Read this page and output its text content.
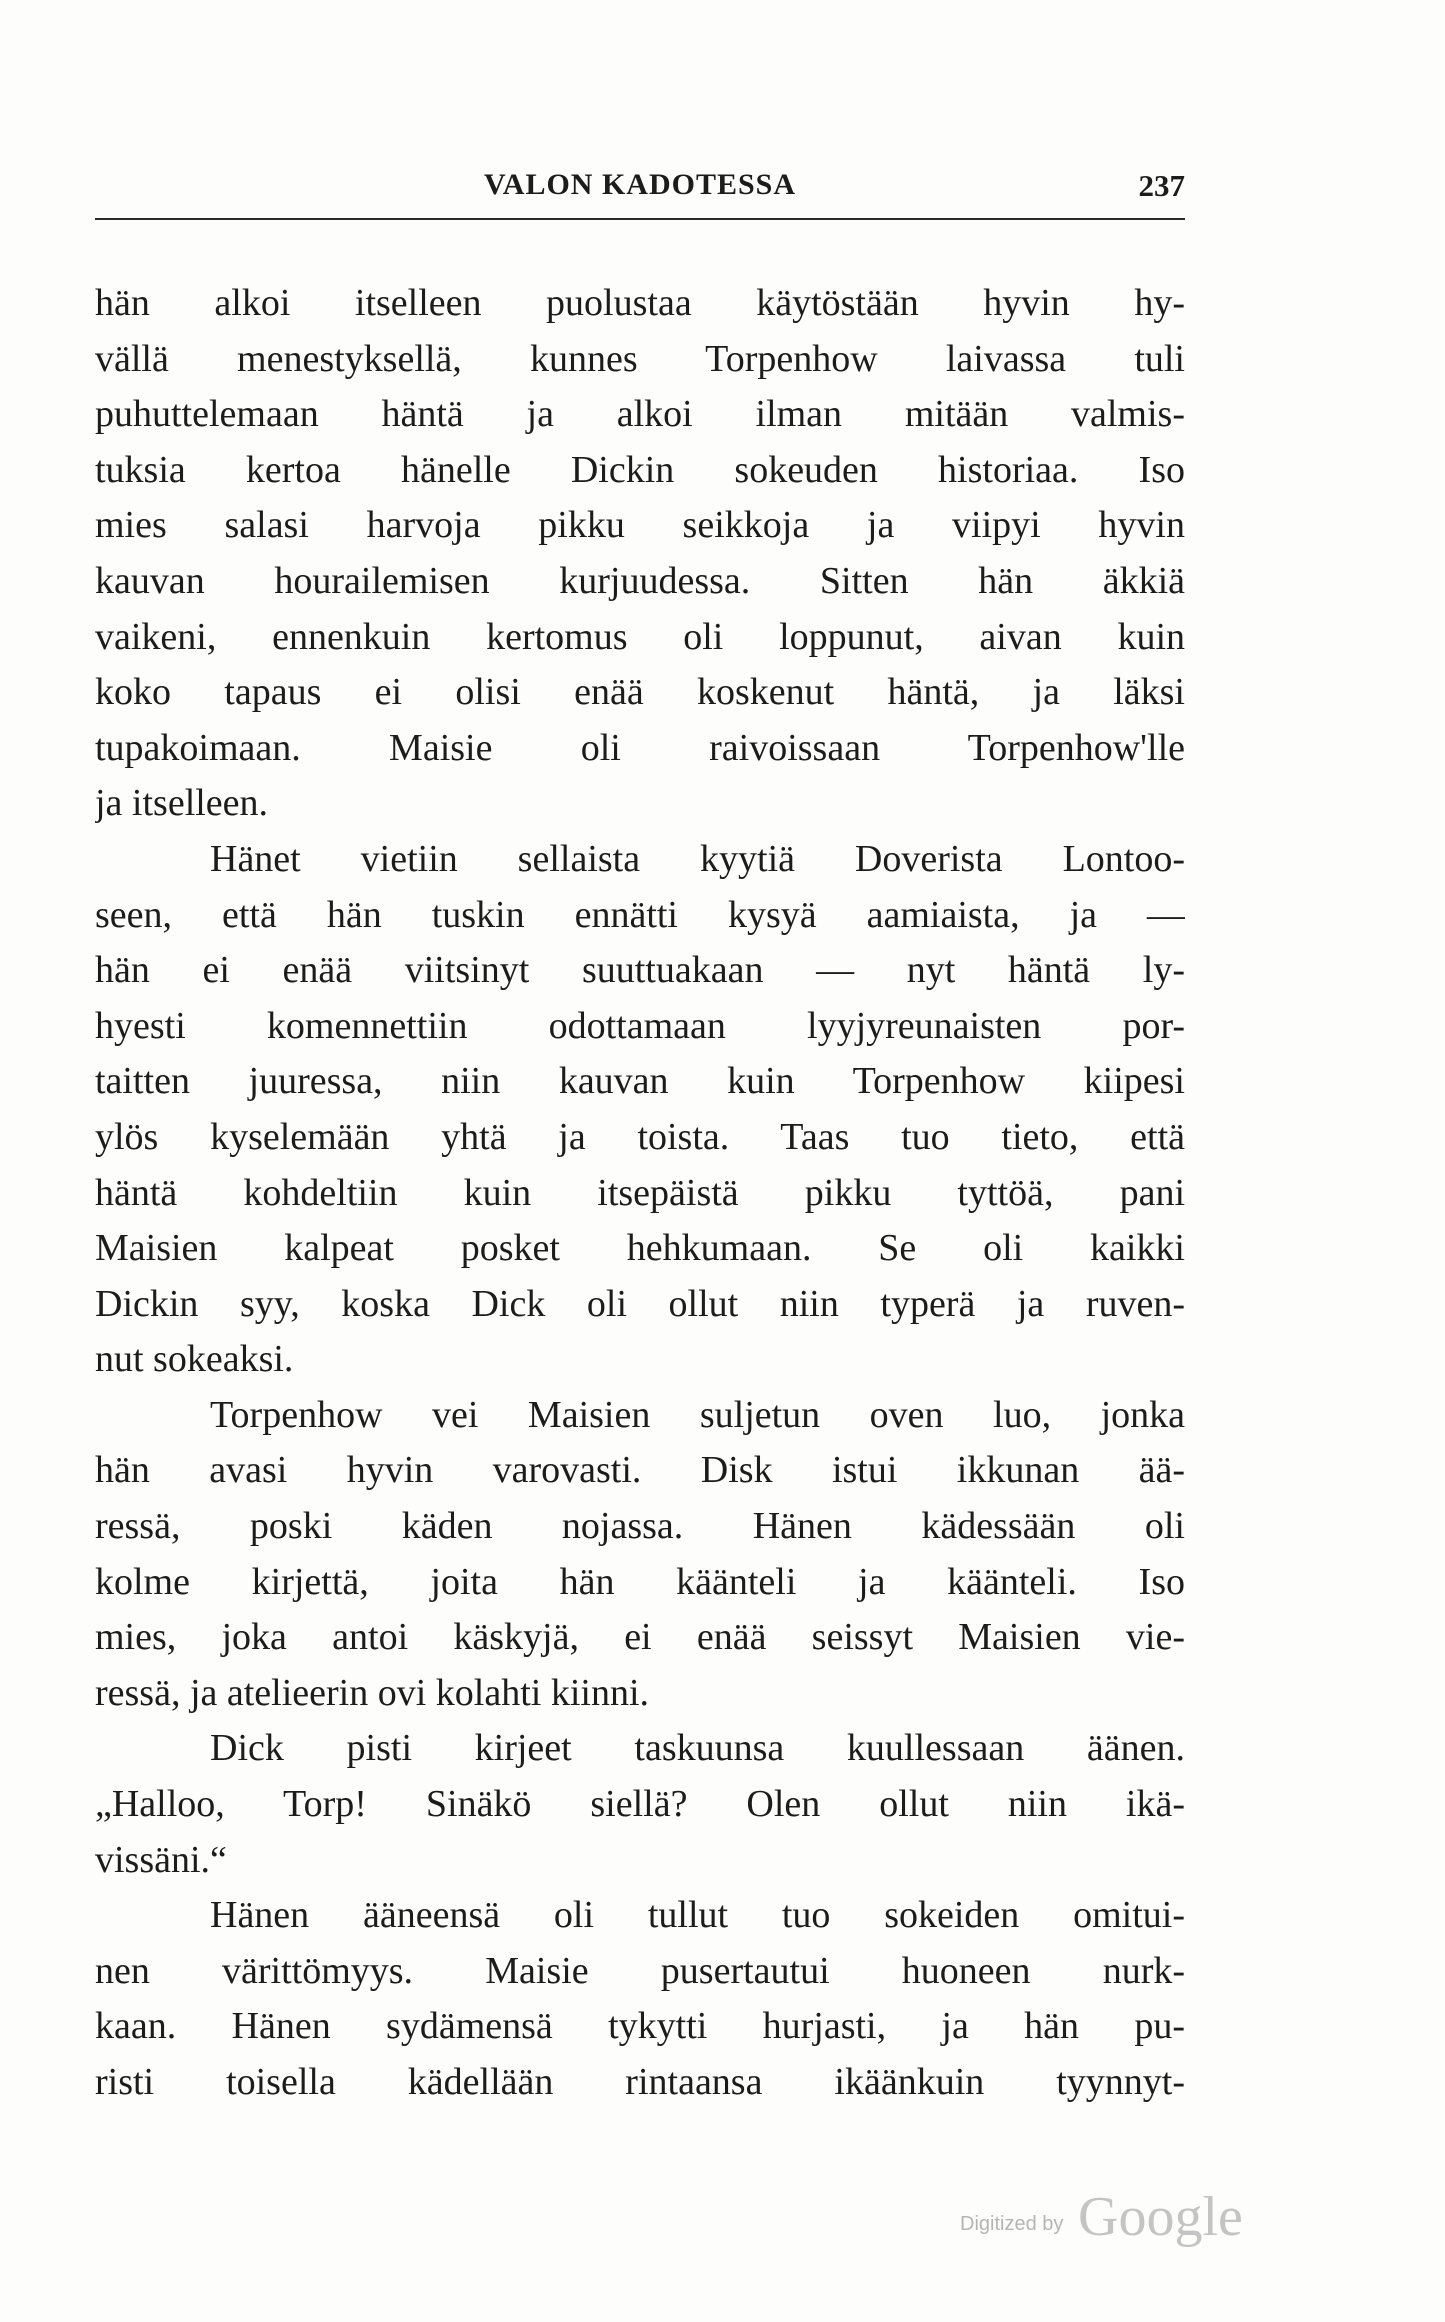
VALON KADOTESSA	237
hän alkoi itselleen puolustaa käytöstään hyvin hy-
vällä menestyksellä, kunnes Torpenhow laivassa tuli
puhuttelemaan häntä ja alkoi ilman mitään valmis-
tuksia kertoa hänelle Dickin sokeuden historiaa. Iso
mies salasi harvoja pikku seikkoja ja viipyi hyvin
kauvan hourailemisen kurjuudessa. Sitten hän äkkiä
vaikeni, ennenkuin kertomus oli loppunut, aivan kuin
koko tapaus ei olisi enää koskenut häntä, ja läksi
tupakoimaan. Maisie oli raivoissaan Torpenhow'lle
ja itselleen.
Hänet vietiin sellaista kyytiä Doverista Lontoo-
seen, että hän tuskin ennätti kysyä aamiaista, ja —
hän ei enää viitsinyt suuttuakaan — nyt häntä ly-
hyesti komennettiin odottamaan lyyjyreunaisten por-
taitten juuressa, niin kauvan kuin Torpenhow kiipesi
ylös kyselemään yhtä ja toista. Taas tuo tieto, että
häntä kohdeltiin kuin itsepäistä pikku tyttöä, pani
Maisien kalpeat posket hehkumaan. Se oli kaikki
Dickin syy, koska Dick oli ollut niin typerä ja ruven-
nut sokeaksi.
Torpenhow vei Maisien suljetun oven luo, jonka
hän avasi hyvin varovasti. Disk istui ikkunan ää-
ressä, poski käden nojassa. Hänen kädessään oli
kolme kirjettä, joita hän käänteli ja käänteli. Iso
mies, joka antoi käskyjä, ei enää seissyt Maisien vie-
ressä, ja atelieerin ovi kolahti kiinni.
Dick pisti kirjeet taskuunsa kuullessaan äänen.
„Halloo, Torp! Sinäkö siellä? Olen ollut niin ikä-
vissäni.“
Hänen ääneensä oli tullut tuo sokeiden omitui-
nen värittömyys. Maisie pusertautui huoneen nurk-
kaan. Hänen sydämensä tykytti hurjasti, ja hän pu-
risti toisella kädellään rintaansa ikäänkuin tyynnyt-
Digitized by Google
